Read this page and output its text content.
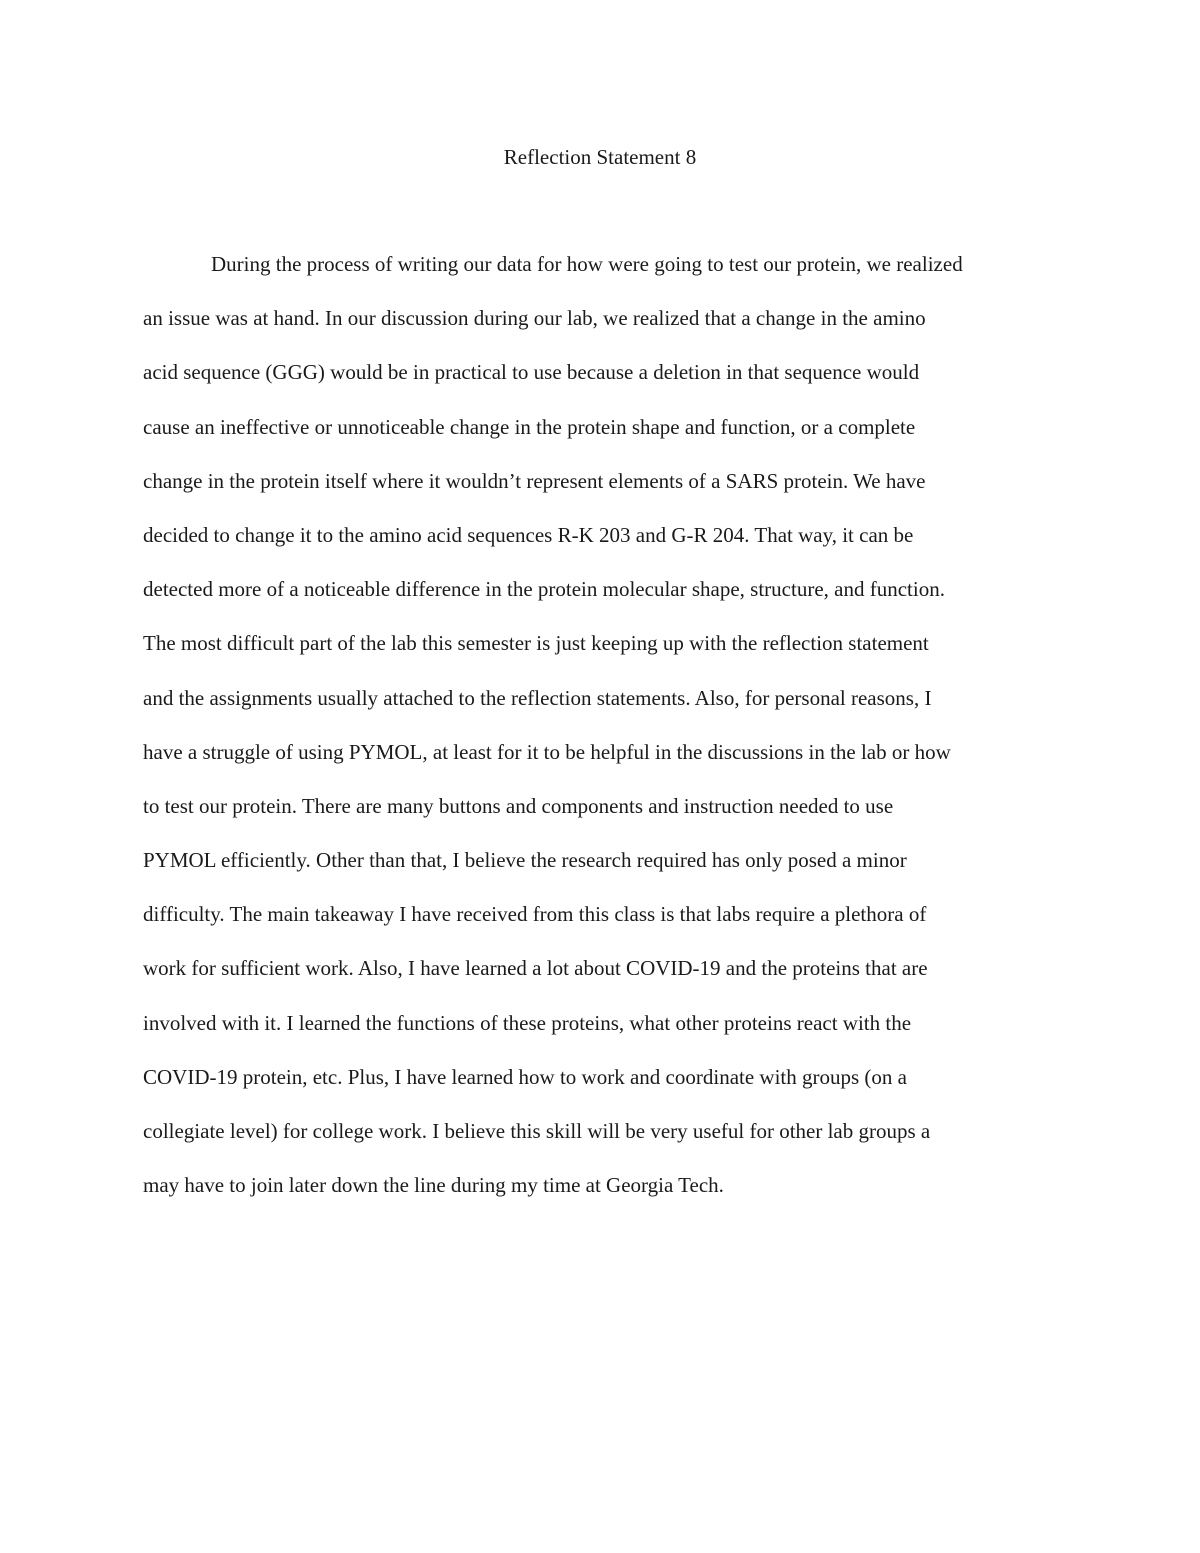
Reflection Statement 8
During the process of writing our data for how were going to test our protein, we realized
an issue was at hand. In our discussion during our lab, we realized that a change in the amino
acid sequence (GGG) would be in practical to use because a deletion in that sequence would
cause an ineffective or unnoticeable change in the protein shape and function, or a complete
change in the protein itself where it wouldn’t represent elements of a SARS protein. We have
decided to change it to the amino acid sequences R-K 203 and G-R 204. That way, it can be
detected more of a noticeable difference in the protein molecular shape, structure, and function.
The most difficult part of the lab this semester is just keeping up with the reflection statement
and the assignments usually attached to the reflection statements. Also, for personal reasons, I
have a struggle of using PYMOL, at least for it to be helpful in the discussions in the lab or how
to test our protein. There are many buttons and components and instruction needed to use
PYMOL efficiently. Other than that, I believe the research required has only posed a minor
difficulty. The main takeaway I have received from this class is that labs require a plethora of
work for sufficient work. Also, I have learned a lot about COVID-19 and the proteins that are
involved with it. I learned the functions of these proteins, what other proteins react with the
COVID-19 protein, etc. Plus, I have learned how to work and coordinate with groups (on a
collegiate level) for college work. I believe this skill will be very useful for other lab groups a
may have to join later down the line during my time at Georgia Tech.
